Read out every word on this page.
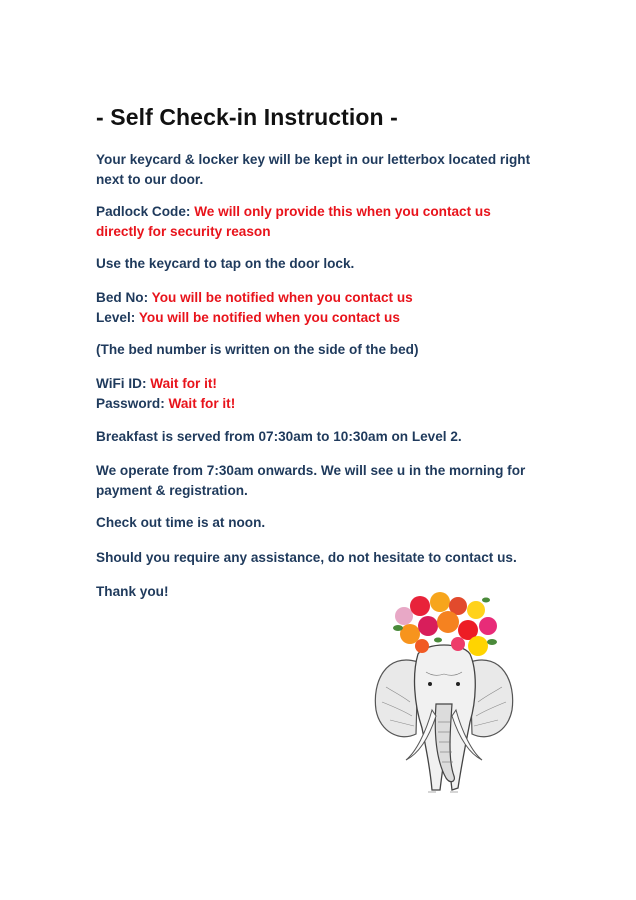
- Self Check-in Instruction -

Your keycard & locker key will be kept in our letterbox located right next to our door.

Padlock Code: We will only provide this when you contact us directly for security reason

Use the keycard to tap on the door lock.

Bed No: You will be notified when you contact us
Level: You will be notified when you contact us

(The bed number is written on the side of the bed)

WiFi ID: Wait for it!
Password: Wait for it!

Breakfast is served from 07:30am to 10:30am on Level 2.

We operate from 7:30am onwards. We will see u in the morning for payment & registration.

Check out time is at noon.

Should you require any assistance, do not hesitate to contact us.

Thank you!
